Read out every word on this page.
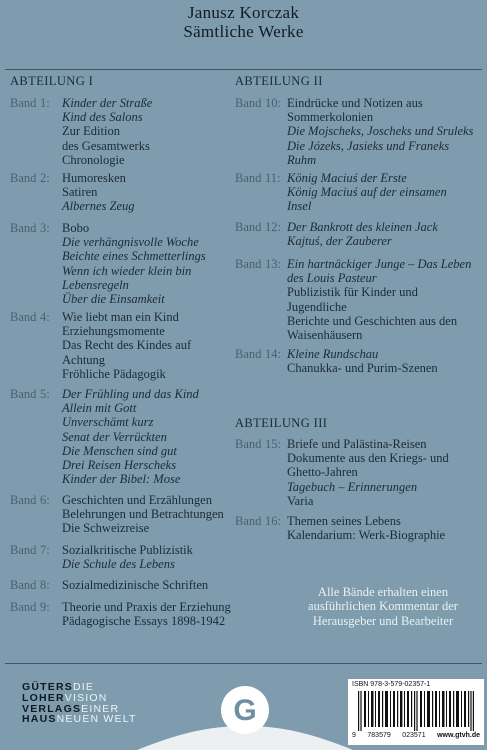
Janusz Korczak
Sämtliche Werke
ABTEILUNG I	ABTEILUNG II
ABTEILUNG III
Band 1: Kinder der Straße
Kind des Salons
Zur Edition
des Gesamtwerks
Chronologie
Band 2: Humoresken
Satiren
Albernes Zeug
Band 3: Bobo
Die verhängnisvolle Woche
Beichte eines Schmetterlings
Wenn ich wieder klein bin
Lebensregeln
Über die Einsamkeit
Band 4: Wie liebt man ein Kind
Erziehungsmomente
Das Recht des Kindes auf
Achtung
Fröhliche Pädagogik
Band 5: Der Frühling und das Kind
Allein mit Gott
Unverschämt kurz
Senat der Verrückten
Die Menschen sind gut
Drei Reisen Herscheks
Kinder der Bibel: Mose
Band 6: Geschichten und Erzählungen
Belehrungen und Betrachtungen
Die Schweizreise
Band 7: Sozialkritische Publizistik
Die Schule des Lebens
Band 8: Sozialmedizinische Schriften
Band 9: Theorie und Praxis der Erziehung
Pädagogische Essays 1898-1942
Band 10: Eindrücke und Notizen aus
Sommerkolonien
Die Mojscheks, Joscheks und Sruleks
Die Józeks, Jasieks und Franeks
Ruhm
Band 11: König Maciuś der Erste
König Maciuś auf der einsamen
Insel
Band 12: Der Bankrott des kleinen Jack
Kajtuś, der Zauberer
Band 13: Ein hartnäckiger Junge – Das Leben
des Louis Pasteur
Publizistik für Kinder und
Jugendliche
Berichte und Geschichten aus den
Waisenhäusern
Band 14: Kleine Rundschau
Chanukka- und Purim-Szenen
Band 15: Briefe und Palästina-Reisen
Dokumente aus den Kriegs- und
Ghetto-Jahren
Tagebuch – Erinnerungen
Varia
Band 16: Themen seines Lebens
Kalendarium: Werk-Biographie
Alle Bände erhalten einen
ausführlichen Kommentar der
Herausgeber und Bearbeiter
GÜTERSDIE
LOHERVISION
VERLAGSEINER
HAUSNEUEN WELT	G
ISBN 978-3-579-02357-1
9 783579 023571 www.gtvh.de
